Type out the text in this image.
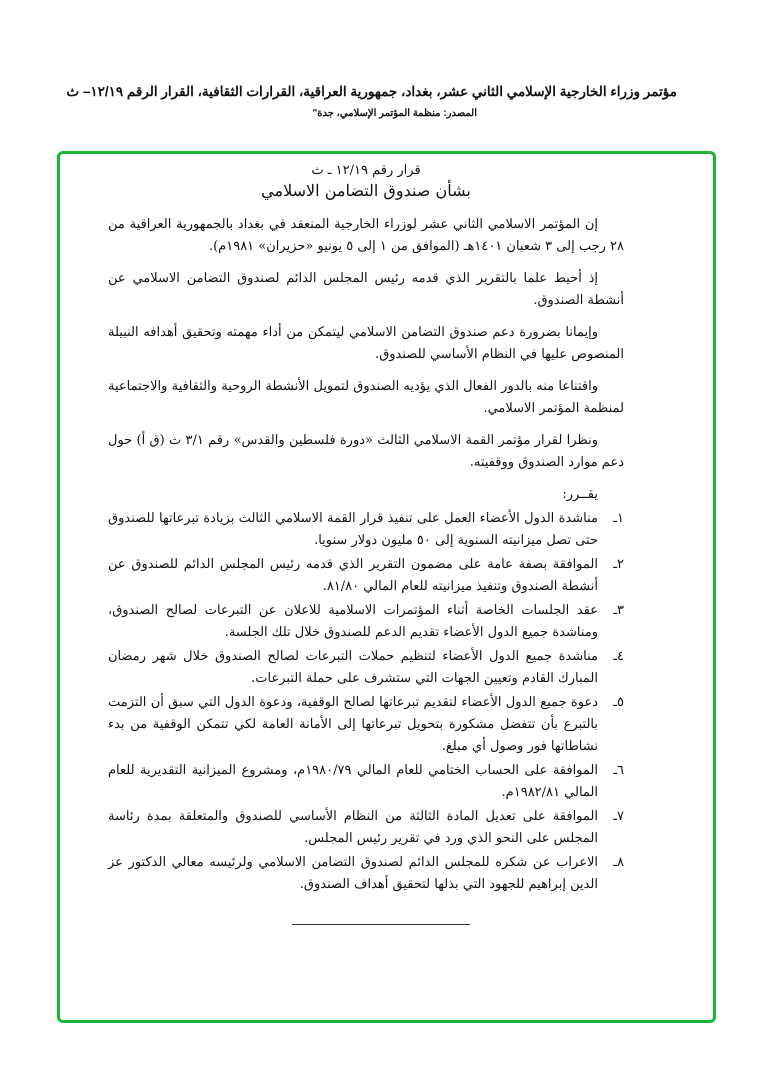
مؤتمر وزراء الخارجية الإسلامي الثاني عشر، بغداد، جمهورية العراقية، القرارات الثقافية، القرار الرقم ١٢/١٩– ث
المصدر: منظمة المؤتمر الإسلامي، جدة"
قرار رقم ١٢/١٩ ـ ث
بشأن صندوق التضامن الاسلامي
إن المؤتمر الاسلامي الثاني عشر لوزراء الخارجية المنعقد في بغداد بالجمهورية العراقية من ٢٨ رجب إلى ٣ شعبان ١٤٠١هـ (الموافق من ١ إلى ٥ يونيو «حزيران» ١٩٨١م).
إذ أحيط علما بالتقرير الذي قدمه رئيس المجلس الدائم لصندوق التضامن الاسلامي عن أنشطة الصندوق.
وإيمانا بضرورة دعم صندوق التضامن الاسلامي ليتمكن من أداء مهمته وتحقيق أهدافه النبيلة المنصوص عليها في النظام الأساسي للصندوق.
واقتناعا منه بالدور الفعال الذي يؤديه الصندوق لتمويل الأنشطة الروحية والثقافية والاجتماعية لمنظمة المؤتمر الاسلامي.
ونظرا لقرار مؤتمر القمة الاسلامي الثالث «دورة فلسطين والقدس» رقم ٣/١ ث (ق أ) حول دعم موارد الصندوق ووقفيته.
يقــرر:
١ـ
مناشدة الدول الأعضاء العمل على تنفيذ قرار القمة الاسلامي الثالث بزيادة تبرعاتها للصندوق حتى تصل ميزانيته السنوية إلى ٥٠ مليون دولار سنويا.
٢ـ
الموافقة بصفة عامة على مضمون التقرير الذي قدمه رئيس المجلس الدائم للصندوق عن أنشطة الصندوق وتنفيذ ميزانيته للعام المالي ٨١/٨٠.
٣ـ
عقد الجلسات الخاصة أثناء المؤتمرات الاسلامية للاعلان عن التبرعات لصالح الصندوق، ومناشدة جميع الدول الأعضاء تقديم الدعم للصندوق خلال تلك الجلسة.
٤ـ
مناشدة جميع الدول الأعضاء لتنظيم حملات التبرعات لصالح الصندوق خلال شهر رمضان المبارك القادم وتعيين الجهات التي ستشرف على حملة التبرعات.
٥ـ
دعوة جميع الدول الأعضاء لتقديم تبرعاتها لصالح الوقفية، ودعوة الدول التي سبق أن التزمت بالتبرع بأن تتفضل مشكورة بتحويل تبرعاتها إلى الأمانة العامة لكي تتمكن الوقفية من بدء نشاطاتها فور وصول أي مبلغ.
٦ـ
الموافقة على الحساب الختامي للعام المالي ١٩٨٠/٧٩م، ومشروع الميزانية التقديرية للعام المالي ١٩٨٢/٨١م.
٧ـ
الموافقة على تعديل المادة الثالثة من النظام الأساسي للصندوق والمتعلقة بمدة رئاسة المجلس على النحو الذي ورد في تقرير رئيس المجلس.
٨ـ
الاعراب عن شكره للمجلس الدائم لصندوق التضامن الاسلامي ولرئيسه معالي الدكتور عز الدين إبراهيم للجهود التي بذلها لتحقيق أهداف الصندوق.
